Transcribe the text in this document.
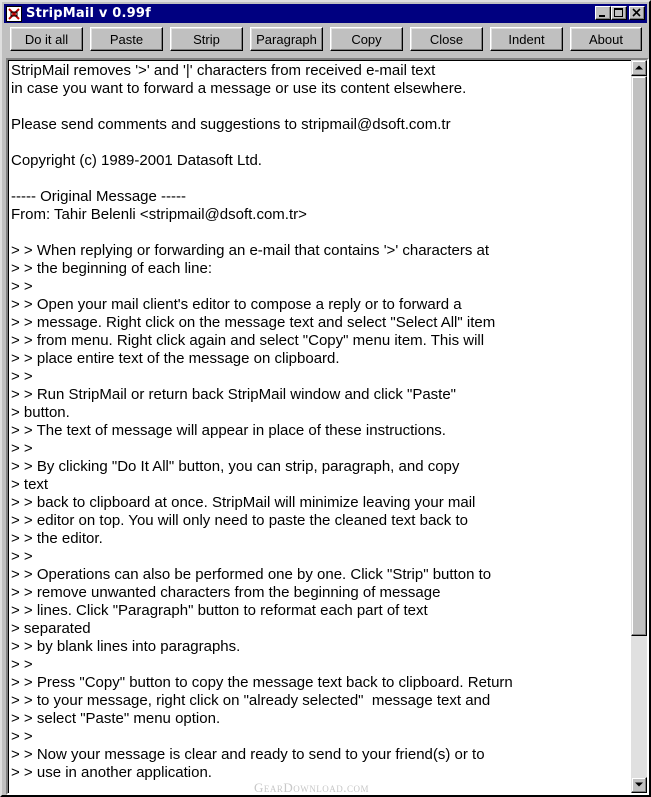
StripMail v 0.99f
Do it all	Paste	Strip	Paragraph	Copy	Close	Indent	About
StripMail removes '>' and '|' characters from received e-mail text
in case you want to forward a message or use its content elsewhere.

Please send comments and suggestions to stripmail@dsoft.com.tr

Copyright (c) 1989-2001 Datasoft Ltd.

----- Original Message -----
From: Tahir Belenli <stripmail@dsoft.com.tr>

> > When replying or forwarding an e-mail that contains '>' characters at
> > the beginning of each line:
> >
> > Open your mail client's editor to compose a reply or to forward a
> > message. Right click on the message text and select "Select All" item
> > from menu. Right click again and select "Copy" menu item. This will
> > place entire text of the message on clipboard.
> >
> > Run StripMail or return back StripMail window and click "Paste"
> button.
> > The text of message will appear in place of these instructions.
> >
> > By clicking "Do It All" button, you can strip, paragraph, and copy
> text
> > back to clipboard at once. StripMail will minimize leaving your mail
> > editor on top. You will only need to paste the cleaned text back to
> > the editor.
> >
> > Operations can also be performed one by one. Click "Strip" button to
> > remove unwanted characters from the beginning of message
> > lines. Click "Paragraph" button to reformat each part of text
> separated
> > by blank lines into paragraphs.
> >
> > Press "Copy" button to copy the message text back to clipboard. Return
> > to your message, right click on "already selected"  message text and
> > select "Paste" menu option.
> >
> > Now your message is clear and ready to send to your friend(s) or to
> > use in another application.
GearDownload.com
